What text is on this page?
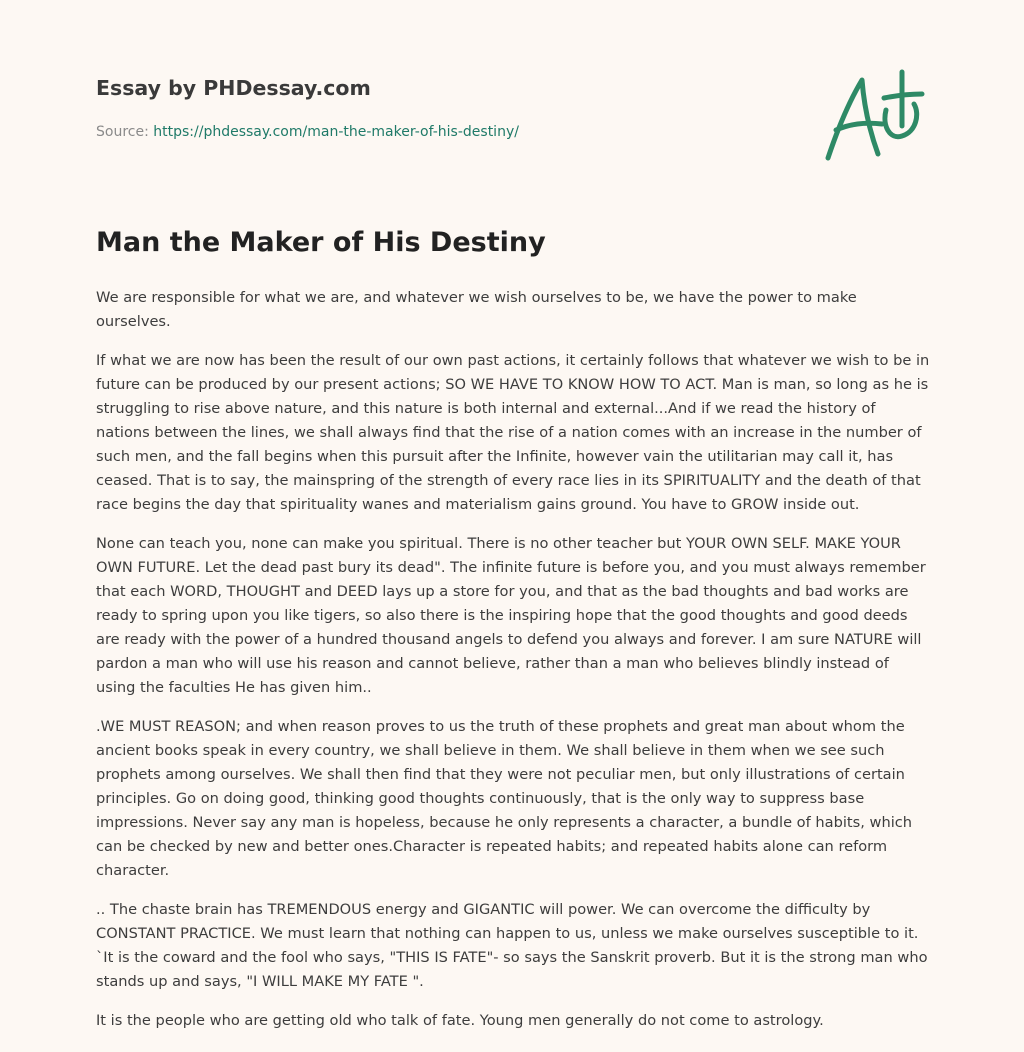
Essay by PHDessay.com
Source: https://phdessay.com/man-the-maker-of-his-destiny/
Man the Maker of His Destiny

We are responsible for what we are, and whatever we wish ourselves to be, we have the power to make ourselves.

If what we are now has been the result of our own past actions, it certainly follows that whatever we wish to be in future can be produced by our present actions; SO WE HAVE TO KNOW HOW TO ACT. Man is man, so long as he is struggling to rise above nature, and this nature is both internal and external...And if we read the history of nations between the lines, we shall always find that the rise of a nation comes with an increase in the number of such men, and the fall begins when this pursuit after the Infinite, however vain the utilitarian may call it, has ceased. That is to say, the mainspring of the strength of every race lies in its SPIRITUALITY and the death of that race begins the day that spirituality wanes and materialism gains ground. You have to GROW inside out.

None can teach you, none can make you spiritual. There is no other teacher but YOUR OWN SELF. MAKE YOUR OWN FUTURE. Let the dead past bury its dead". The infinite future is before you, and you must always remember that each WORD, THOUGHT and DEED lays up a store for you, and that as the bad thoughts and bad works are ready to spring upon you like tigers, so also there is the inspiring hope that the good thoughts and good deeds are ready with the power of a hundred thousand angels to defend you always and forever. I am sure NATURE will pardon a man who will use his reason and cannot believe, rather than a man who believes blindly instead of using the faculties He has given him..

.WE MUST REASON; and when reason proves to us the truth of these prophets and great man about whom the ancient books speak in every country, we shall believe in them. We shall believe in them when we see such prophets among ourselves. We shall then find that they were not peculiar men, but only illustrations of certain principles. Go on doing good, thinking good thoughts continuously, that is the only way to suppress base impressions. Never say any man is hopeless, because he only represents a character, a bundle of habits, which can be checked by new and better ones.Character is repeated habits; and repeated habits alone can reform character.

.. The chaste brain has TREMENDOUS energy and GIGANTIC will power. We can overcome the difficulty by CONSTANT PRACTICE. We must learn that nothing can happen to us, unless we make ourselves susceptible to it. `It is the coward and the fool who says, "THIS IS FATE"- so says the Sanskrit proverb. But it is the strong man who stands up and says, "I WILL MAKE MY FATE ".

It is the people who are getting old who talk of fate. Young men generally do not come to astrology.
